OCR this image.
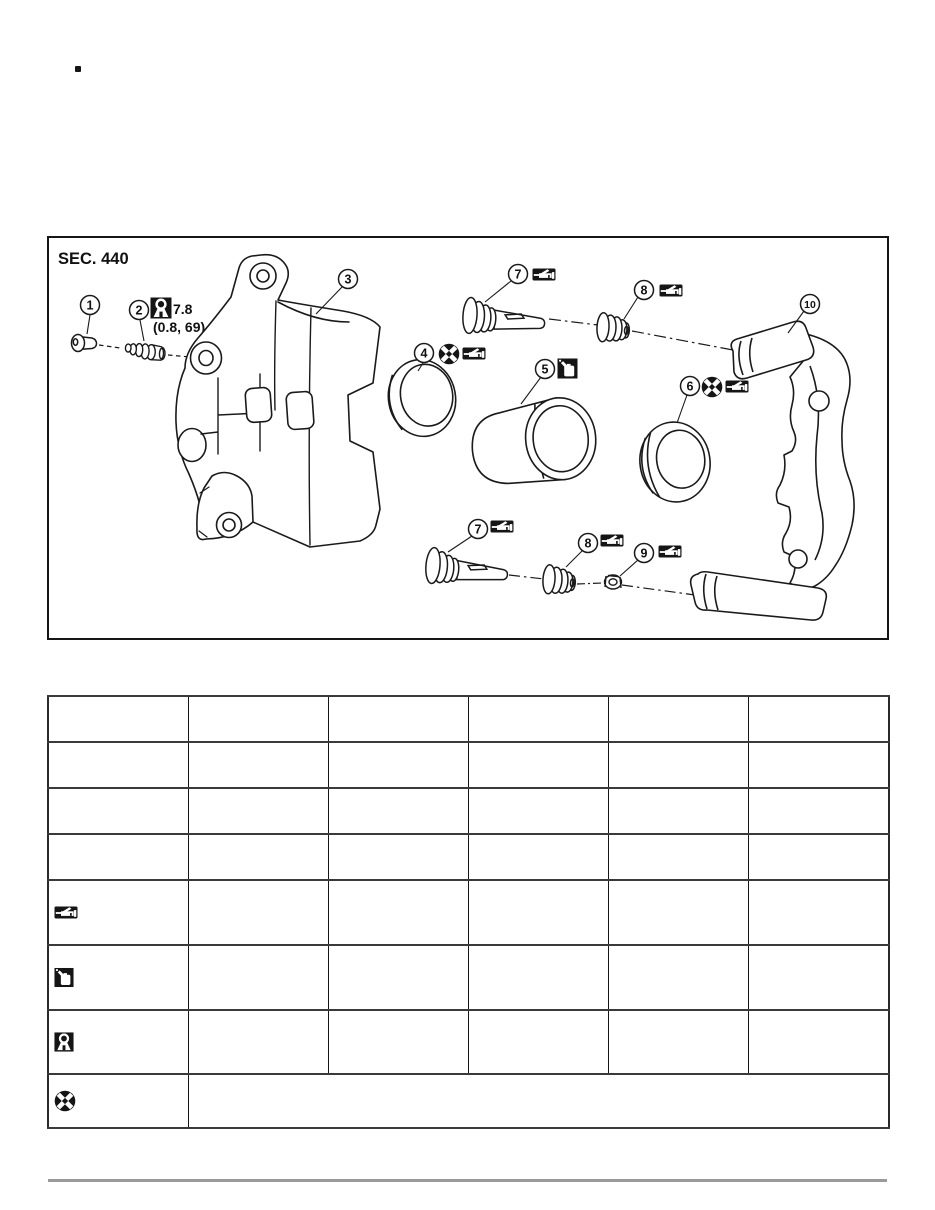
SEC. 440
7.8
(0.8, 69)
1	2
3	7
8
10
4
5
6
7
8
9
